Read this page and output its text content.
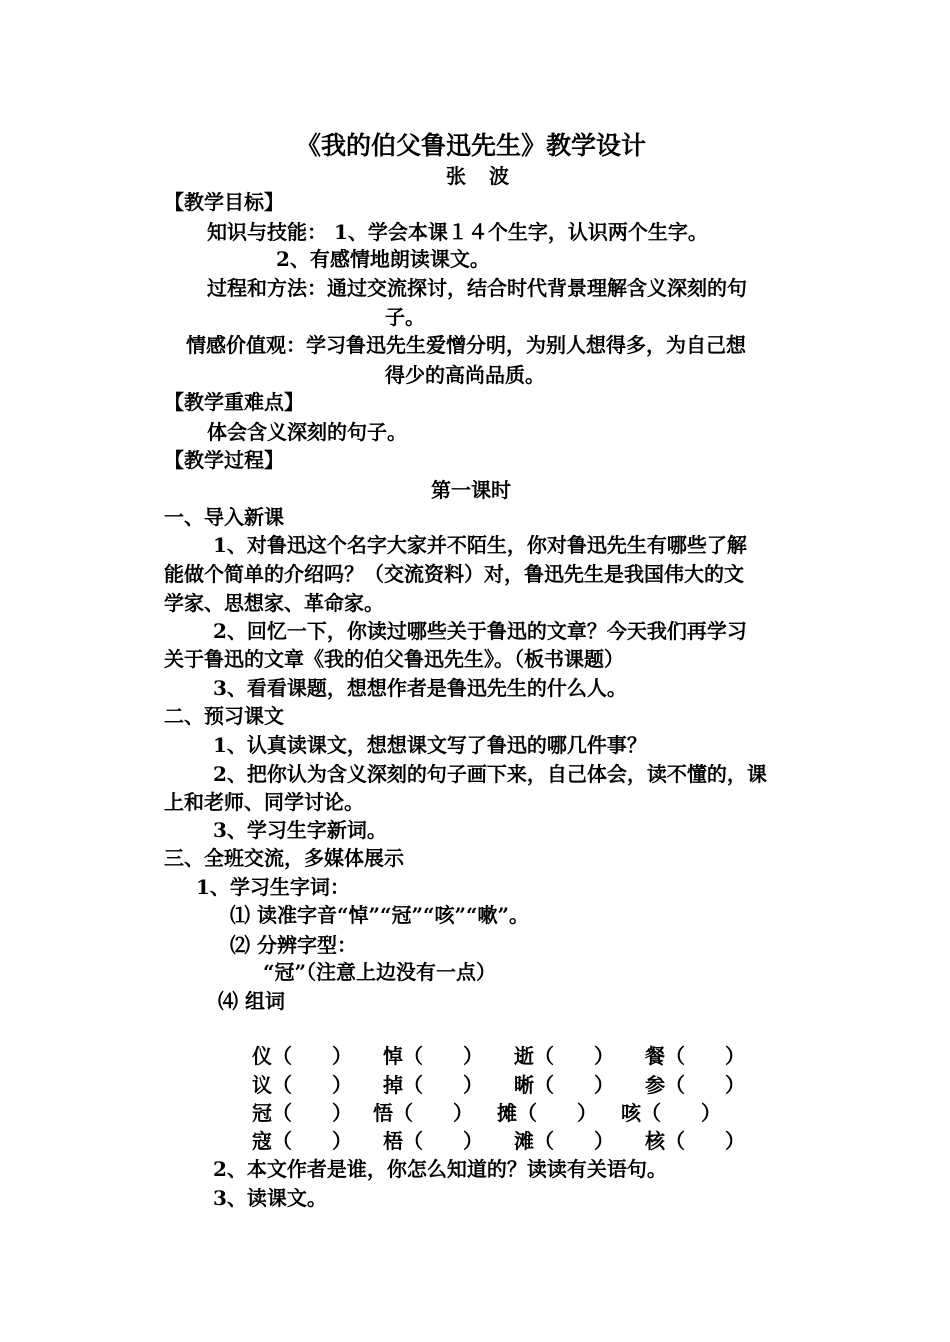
《我的伯父鲁迅先生》教学设计
张 波
【教学目标】
知识与技能： 1、学会本课１４个生字，认识两个生字。
2、有感情地朗读课文。
过程和方法：通过交流探讨，结合时代背景理解含义深刻的句
子。
情感价值观：学习鲁迅先生爱憎分明，为别人想得多，为自己想
得少的高尚品质。
【教学重难点】
体会含义深刻的句子。
【教学过程】
第一课时
一、导入新课
1、对鲁迅这个名字大家并不陌生，你对鲁迅先生有哪些了解
能做个简单的介绍吗？（交流资料）对，鲁迅先生是我国伟大的文
学家、思想家、革命家。
2、回忆一下，你读过哪些关于鲁迅的文章？今天我们再学习
关于鲁迅的文章《我的伯父鲁迅先生》。（板书课题）
3、看看课题，想想作者是鲁迅先生的什么人。
二、预习课文
1、认真读课文，想想课文写了鲁迅的哪几件事？
2、把你认为含义深刻的句子画下来，自己体会，读不懂的，课
上和老师、同学讨论。
3、学习生字新词。
三、全班交流，多媒体展示
1、学习生字词：
⑴ 读准字音“悼”“冠”“咳”“嗽”。
⑵ 分辨字型：
“冠”（注意上边没有一点）
⑷ 组词
仪（　　） 悼（　　） 逝（　　） 餐（　　）
议（　　） 掉（　　） 晰（　　） 参（　　）
冠（　　） 悟（　　） 摊（　　） 咳（　　）
寇（　　） 梧（　　） 滩（　　） 核（　　）
2、本文作者是谁，你怎么知道的？读读有关语句。
3、读课文。
